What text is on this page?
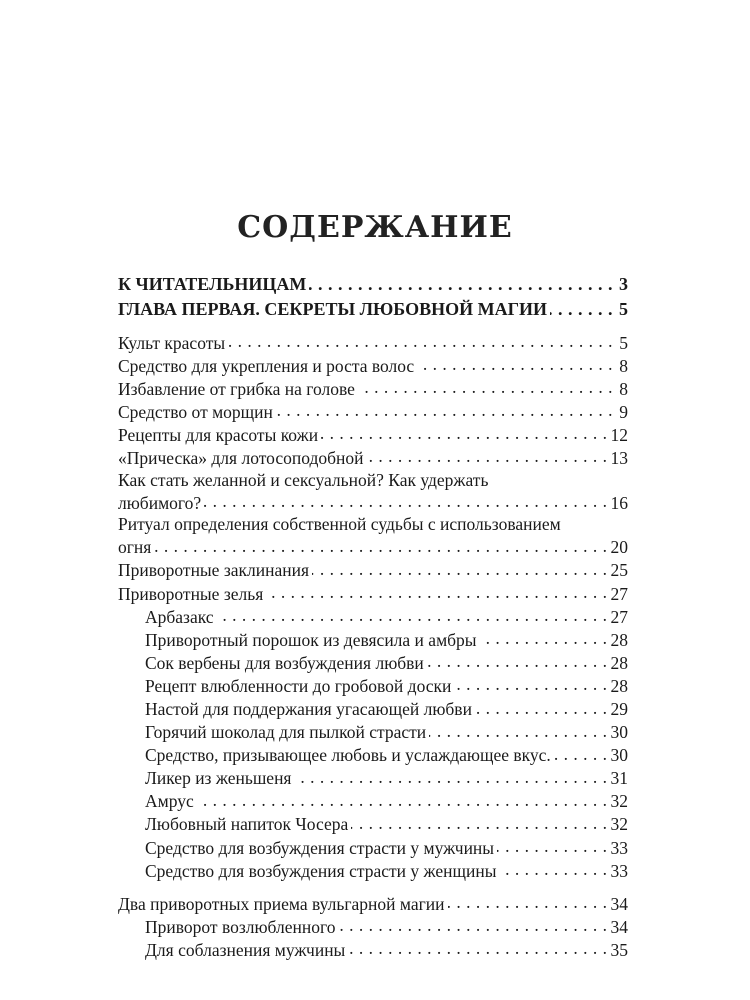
СОДЕРЖАНИЕ
К ЧИТАТЕЛЬНИЦАМ . . .	3
ГЛАВА ПЕРВАЯ. СЕКРЕТЫ ЛЮБОВНОЙ МАГИИ . . .	5
Культ красоты . . .	5
Средство для укрепления и роста волос . . .	8
Избавление от грибка на голове . . .	8
Средство от морщин . . .	9
Рецепты для красоты кожи . . .	12
«Прическа» для лотосоподобной . . .	13
Как стать желанной и сексуальной? Как удержать
любимого? . . .	16
Ритуал определения собственной судьбы с использованием
огня . . .	20
Приворотные заклинания . . .	25
Приворотные зелья . . .	27
Арбазакс . . .	27
Приворотный порошок из девясила и амбры . . .	28
Сок вербены для возбуждения любви . . .	28
Рецепт влюбленности до гробовой доски . . .	28
Настой для поддержания угасающей любви . . .	29
Горячий шоколад для пылкой страсти . . .	30
Средство, призывающее любовь и услаждающее вкус. . . .	30
Ликер из женьшеня . . .	31
Амрус . . .	32
Любовный напиток Чосера . . .	32
Средство для возбуждения страсти у мужчины . . .	33
Средство для возбуждения страсти у женщины . . .	33
Два приворотных приема вульгарной магии . . .	34
Приворот возлюбленного . . .	34
Для соблазнения мужчины . . .	35
